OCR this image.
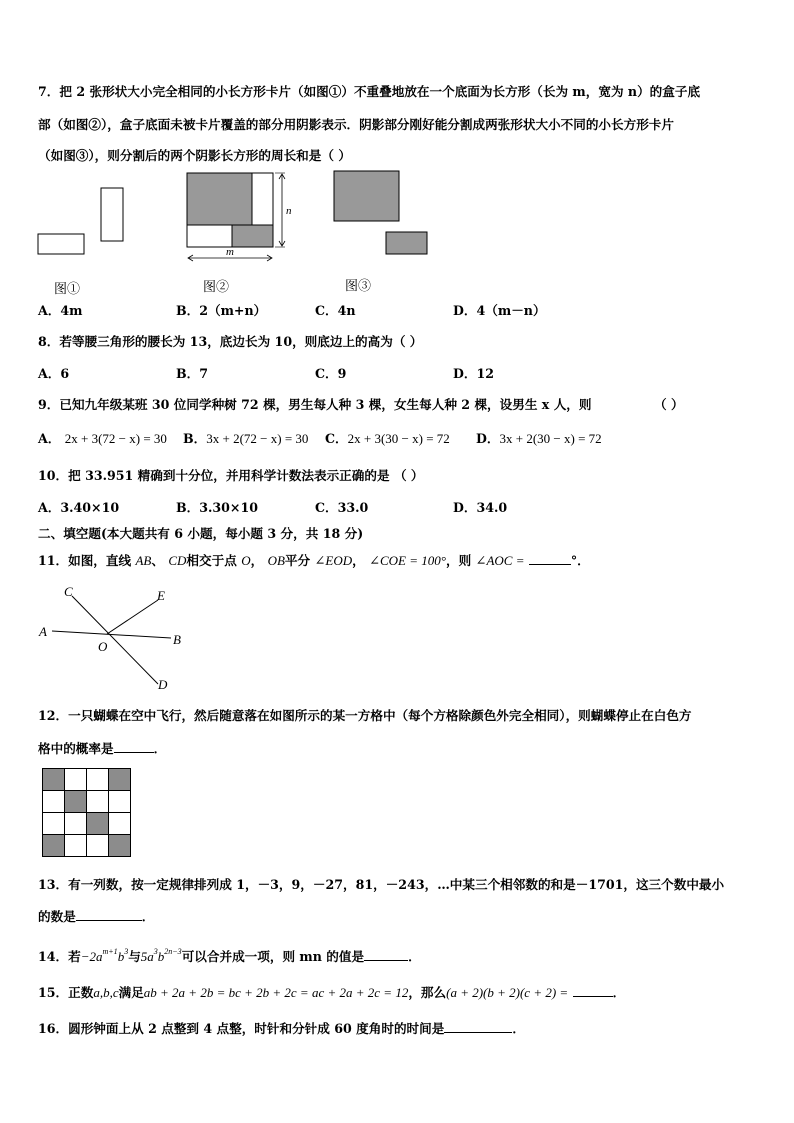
7．把 2 张形状大小完全相同的小长方形卡片（如图①）不重叠地放在一个底面为长方形（长为 m，宽为 n）的盒子底
部（如图②），盒子底面未被卡片覆盖的部分用阴影表示．阴影部分刚好能分割成两张形状大小不同的小长方形卡片
（如图③），则分割后的两个阴影长方形的周长和是（ ）
图①
n
m
图②	图③
A．4m	B．2（m+n）	C．4n	D．4（m－n）
8．若等腰三角形的腰长为 13，底边长为 10，则底边上的高为（ ）
A．6	B．7	C．9	D．12
9．已知九年级某班 30 位同学种树 72 棵，男生每人种 3 棵，女生每人种 2 棵，设男生 x 人，则	（ ）
A． 2x + 3(72 − x) = 30 B．3x + 2(72 − x) = 30 C．2x + 3(30 − x) = 72 D．3x + 2(30 − x) = 72
10．把 33.951 精确到十分位，并用科学计数法表示正确的是 （ ）
A．3.40×10	B．3.30×10	C．33.0	D．34.0
二、填空题(本大题共有 6 小题，每小题 3 分，共 18 分)
11．如图，直线 AB、 CD相交于点 O， OB平分 ∠EOD， ∠COE = 100°，则 ∠AOC =	°．
A
B
C
D
E
O
12．一只蝴蝶在空中飞行，然后随意落在如图所示的某一方格中（每个方格除颜色外完全相同），则蝴蝶停止在白色方
格中的概率是	．

13．有一列数，按一定规律排列成 1，－3，9，－27，81，－243，…中某三个相邻数的和是－1701，这三个数中最小
的数是	．
14．若$-2a^{m+1}b^3$与$5a^3b^{2n-3}$可以合并成一项，则 mn 的值是	．
15．正数a,b,c满足ab + 2a + 2b = bc + 2b + 2c = ac + 2a + 2c = 12，那么(a + 2)(b + 2)(c + 2) =	．
16．圆形钟面上从 2 点整到 4 点整，时针和分针成 60 度角时的时间是	．
